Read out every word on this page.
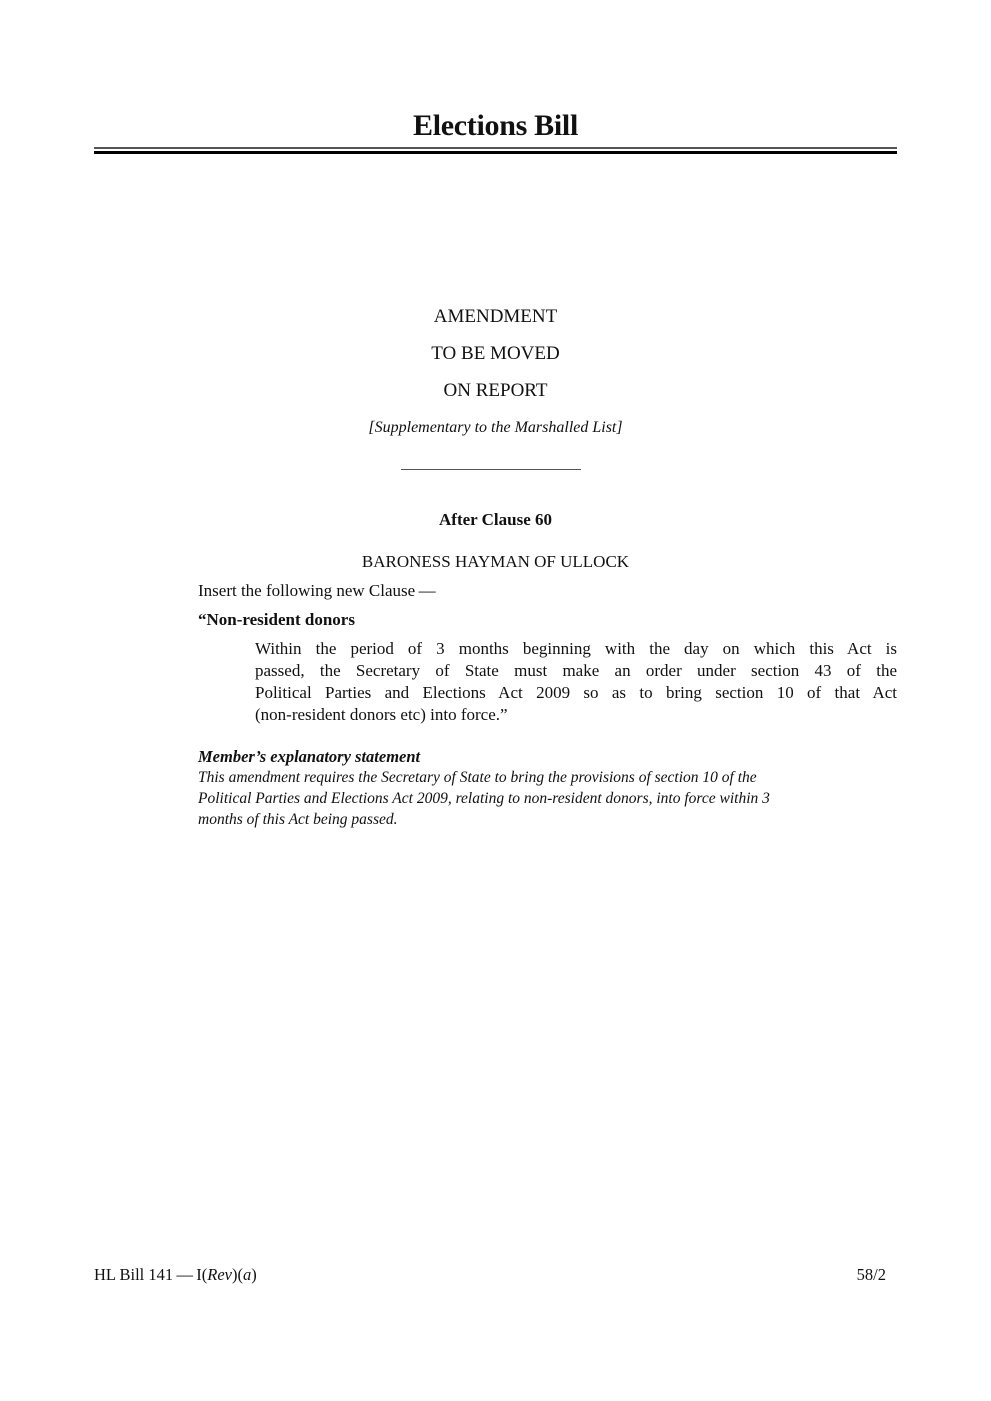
Elections Bill
AMENDMENT
TO BE MOVED
ON REPORT
[Supplementary to the Marshalled List]
After Clause 60
BARONESS HAYMAN OF ULLOCK
Insert the following new Clause —
“Non-resident donors
Within the period of 3 months beginning with the day on which this Act is
passed, the Secretary of State must make an order under section 43 of the
Political Parties and Elections Act 2009 so as to bring section 10 of that Act
(non-resident donors etc) into force.”
Member’s explanatory statement
This amendment requires the Secretary of State to bring the provisions of section 10 of the
Political Parties and Elections Act 2009, relating to non-resident donors, into force within 3
months of this Act being passed.
HL Bill 141 — I(Rev)(a)	58/2
